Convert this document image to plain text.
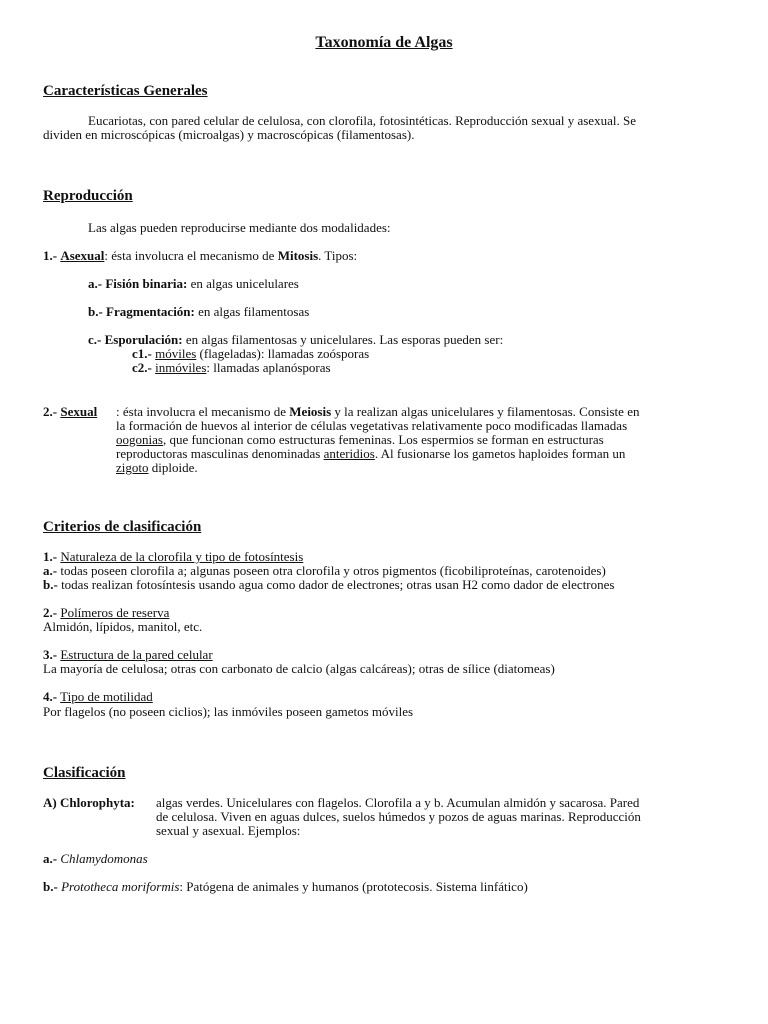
Taxonomía de Algas
Características Generales
Eucariotas, con pared celular de celulosa, con clorofila, fotosintéticas. Reproducción sexual y asexual. Se
dividen en microscópicas (microalgas) y macroscópicas (filamentosas).
Reproducción
Las algas pueden reproducirse mediante dos modalidades:
1.- Asexual: ésta involucra el mecanismo de Mitosis. Tipos:
a.- Fisión binaria: en algas unicelulares
b.- Fragmentación: en algas filamentosas
c.- Esporulación: en algas filamentosas y unicelulares. Las esporas pueden ser:
c1.- móviles (flageladas): llamadas zoósporas
c2.- inmóviles: llamadas aplanósporas
2.- Sexual : ésta involucra el mecanismo de Meiosis y la realizan algas unicelulares y filamentosas. Consiste en
la formación de huevos al interior de células vegetativas relativamente poco modificadas llamadas
oogonias, que funcionan como estructuras femeninas. Los espermios se forman en estructuras
reproductoras masculinas denominadas anteridios. Al fusionarse los gametos haploides forman un
zigoto diploide.
Criterios de clasificación
1.- Naturaleza de la clorofila y tipo de fotosíntesis
a.- todas poseen clorofila a; algunas poseen otra clorofila y otros pigmentos (ficobiliproteínas, carotenoides)
b.- todas realizan fotosíntesis usando agua como dador de electrones; otras usan H2 como dador de electrones
2.- Polímeros de reserva
Almidón, lípidos, manitol, etc.
3.- Estructura de la pared celular
La mayoría de celulosa; otras con carbonato de calcio (algas calcáreas); otras de sílice (diatomeas)
4.- Tipo de motilidad
Por flagelos (no poseen ciclios); las inmóviles poseen gametos móviles
Clasificación
A) Chlorophyta: algas verdes. Unicelulares con flagelos. Clorofila a y b. Acumulan almidón y sacarosa. Pared
de celulosa. Viven en aguas dulces, suelos húmedos y pozos de aguas marinas. Reproducción
sexual y asexual. Ejemplos:
a.- Chlamydomonas
b.- Prototheca moriformis: Patógena de animales y humanos (prototecosis. Sistema linfático)
